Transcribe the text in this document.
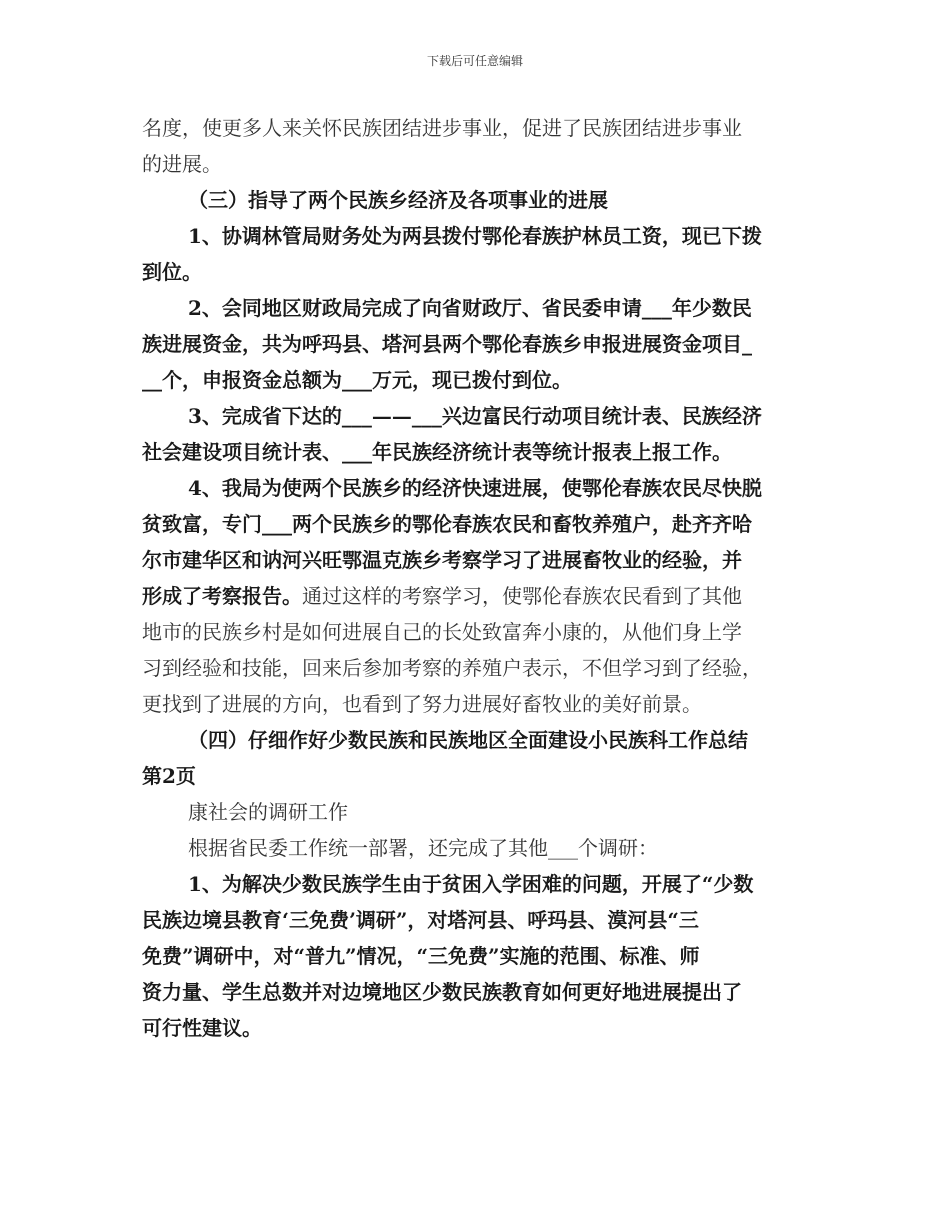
下载后可任意编辑
名度，使更多人来关怀民族团结进步事业，促进了民族团结进步事业
的进展。
（三）指导了两个民族乡经济及各项事业的进展
1、协调林管局财务处为两县拨付鄂伦春族护林员工资，现已下拨
到位。
2、会同地区财政局完成了向省财政厅、省民委申请___年少数民
族进展资金，共为呼玛县、塔河县两个鄂伦春族乡申报进展资金项目_
__个，申报资金总额为___万元，现已拨付到位。
3、完成省下达的___——___兴边富民行动项目统计表、民族经济
社会建设项目统计表、___年民族经济统计表等统计报表上报工作。
4、我局为使两个民族乡的经济快速进展，使鄂伦春族农民尽快脱
贫致富，专门___两个民族乡的鄂伦春族农民和畜牧养殖户，赴齐齐哈
尔市建华区和讷河兴旺鄂温克族乡考察学习了进展畜牧业的经验，并
形成了考察报告。通过这样的考察学习，使鄂伦春族农民看到了其他
地市的民族乡村是如何进展自己的长处致富奔小康的，从他们身上学
习到经验和技能，回来后参加考察的养殖户表示，不但学习到了经验，
更找到了进展的方向，也看到了努力进展好畜牧业的美好前景。
（四）仔细作好少数民族和民族地区全面建设小民族科工作总结
第2页
康社会的调研工作
根据省民委工作统一部署，还完成了其他___个调研：
1、为解决少数民族学生由于贫困入学困难的问题，开展了“少数
民族边境县教育‘三免费’调研”，对塔河县、呼玛县、漠河县“三
免费”调研中，对“普九”情况，“三免费”实施的范围、标准、师
资力量、学生总数并对边境地区少数民族教育如何更好地进展提出了
可行性建议。
